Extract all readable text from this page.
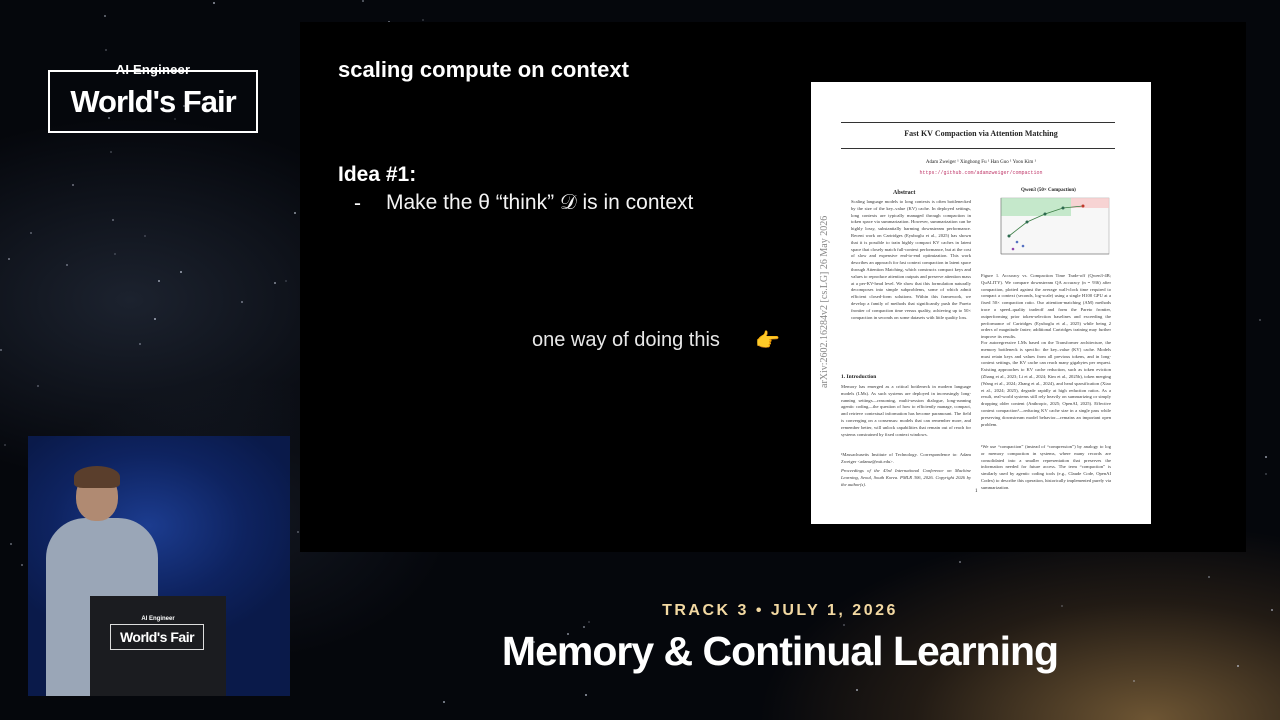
AI Engineer
World's Fair
scaling compute on context
Idea #1:
- Make the θ “think” 𝒟 is in context
one way of doing this 👉
Fast KV Compaction via Attention Matching
Adam Zweiger ¹ Xinghong Fu ¹ Han Guo ¹ Yoon Kim ¹
https://github.com/adamzweiger/compaction
arXiv:2602.16284v2 [cs.LG] 26 May 2026
Abstract
Scaling language models to long contexts is often bottlenecked by the size of the key–value (KV) cache. In deployed settings, long contexts are typically managed through compaction in token space via summarization. However, summarization can be highly lossy, substantially harming downstream performance. Recent work on Cartridges (Eyuboglu et al., 2025) has shown that it is possible to train highly compact KV caches in latent space that closely match full-context performance, but at the cost of slow and expensive end-to-end optimization. This work describes an approach for fast context compaction in latent space through Attention Matching, which constructs compact keys and values to reproduce attention outputs and preserve attention mass at a per-KV-head level. We show that this formulation naturally decomposes into simple subproblems, some of which admit efficient closed-form solutions. Within this framework, we develop a family of methods that significantly push the Pareto frontier of compaction time versus quality, achieving up to 50× compaction in seconds on some datasets with little quality loss.
1. Introduction
Memory has emerged as a critical bottleneck in modern language models (LMs). As such systems are deployed in increasingly long-running settings—reasoning, multi-session dialogue, long-running agentic coding—the question of how to efficiently manage, compact, and retrieve contextual information has become paramount. The field is converging on a consensus: models that can remember more, and remember better, will unlock capabilities that remain out of reach for systems constrained by fixed context windows.
¹Massachusetts Institute of Technology. Correspondence to: Adam Zweiger <adamz@mit.edu>.
Proceedings of the 43rd International Conference on Machine Learning, Seoul, South Korea. PMLR 306, 2026. Copyright 2026 by the author(s).
Qwen3 (50× Compaction)
Figure 1. Accuracy vs. Compaction Time Trade-off (Qwen3-4B; QuALITY). We compare downstream QA accuracy (n = 936) after compaction, plotted against the average wall-clock time required to compact a context (seconds, log-scale) using a single H100 GPU at a fixed 50× compaction ratio. Our attention-matching (AM) methods trace a speed–quality tradeoff and form the Pareto frontier, outperforming prior token-selection baselines and exceeding the performance of Cartridges (Eyuboglu et al., 2025) while being 2 orders of magnitude faster; additional Cartridges training may further improve its results.
For autoregressive LMs based on the Transformer architecture, the memory bottleneck is specific: the key–value (KV) cache. Models must retain keys and values from all previous tokens, and in long-context settings, the KV cache can reach many gigabytes per request. Existing approaches to KV cache reduction, such as token eviction (Zhang et al., 2023; Li et al., 2024; Kim et al., 2025b), token merging (Wang et al., 2024; Zhang et al., 2024), and head sparsification (Xiao et al., 2024; 2025), degrade rapidly at high reduction ratios. As a result, real-world systems still rely heavily on summarizing or simply dropping older content (Anthropic, 2025; OpenAI, 2025). Effective context compaction¹—reducing KV cache size in a single pass while preserving downstream model behavior—remains an important open problem.
¹We use “compaction” (instead of “compression”) by analogy to log or memory compaction in systems, where many records are consolidated into a smaller representation that preserves the information needed for future access. The term “compaction” is similarly used by agentic coding tools (e.g., Claude Code, OpenAI Codex) to describe this operation, historically implemented purely via summarization.
1
AI Engineer
World's Fair
TRACK 3 • JULY 1, 2026
Memory & Continual Learning
